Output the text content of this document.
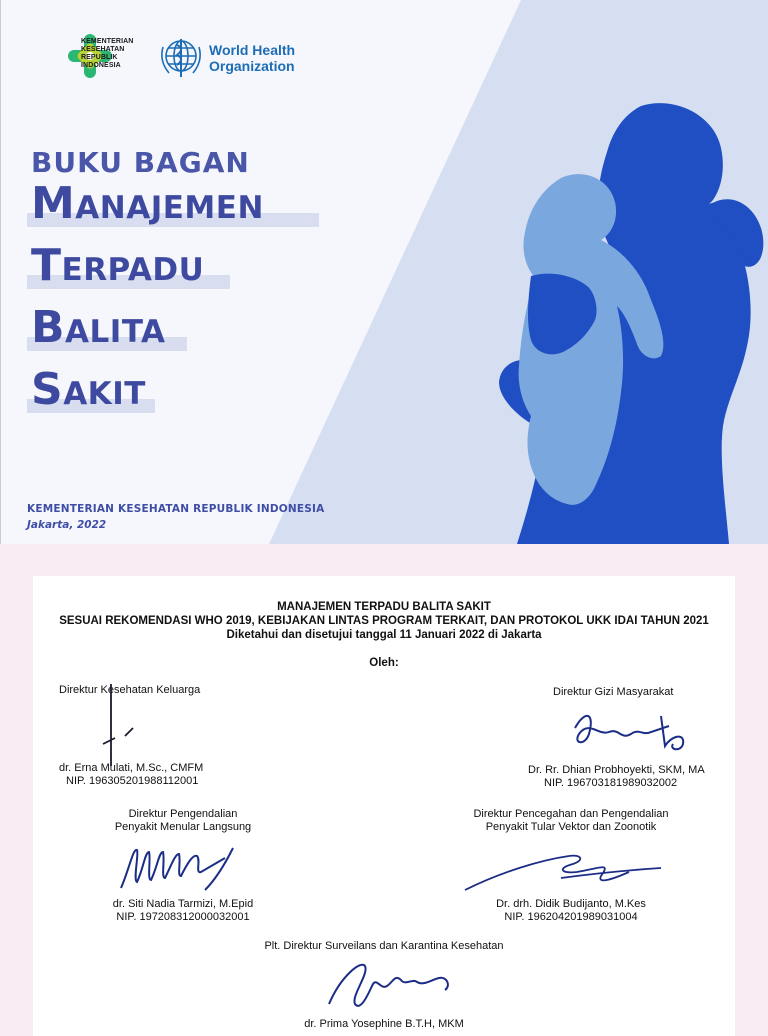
KEMENTERIAN
KESEHATAN
REPUBLIK
INDONESIA
World Health
Organization
BUKU BAGAN
Manajemen
Terpadu
Balita
Sakit
KEMENTERIAN KESEHATAN REPUBLIK INDONESIA
Jakarta, 2022
MANAJEMEN TERPADU BALITA SAKIT
SESUAI REKOMENDASI WHO 2019, KEBIJAKAN LINTAS PROGRAM TERKAIT, DAN PROTOKOL UKK IDAI TAHUN 2021
Diketahui dan disetujui tanggal 11 Januari 2022 di Jakarta
Oleh:
Direktur Kesehatan Keluarga
dr. Erna Mulati, M.Sc., CMFM
NIP. 196305201988112001
Direktur Gizi Masyarakat
Dr. Rr. Dhian Probhoyekti, SKM, MA
NIP. 196703181989032002
Direktur Pengendalian
Penyakit Menular Langsung
dr. Siti Nadia Tarmizi, M.Epid
NIP. 197208312000032001
Direktur Pencegahan dan Pengendalian
Penyakit Tular Vektor dan Zoonotik
Dr. drh. Didik Budijanto, M.Kes
NIP. 196204201989031004
Plt. Direktur Surveilans dan Karantina Kesehatan
dr. Prima Yosephine B.T.H, MKM
